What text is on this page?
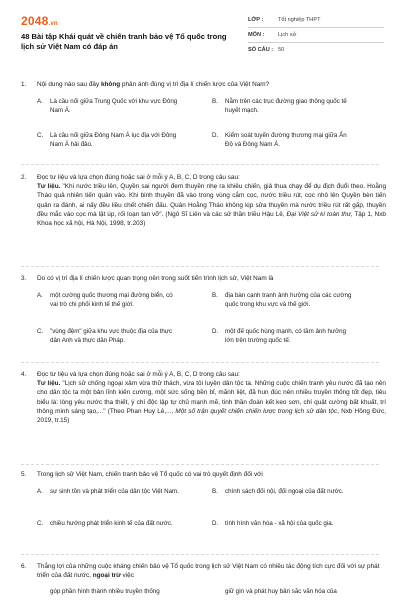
2048.vn
48 Bài tập Khái quát về chiến tranh bảo vệ Tổ quốc trong lịch sử Việt Nam có đáp án
LỚP :	Tốt nghiệp THPT
MÔN :	Lịch sử
SỐ CÂU : 50
1.	Nội dung nào sau đây không phản ánh đúng vị trí địa lí chiến lược của Việt Nam?
A.	Là cầu nối giữa Trung Quốc với khu vực Đông Nam Á.
B.	Nằm trên các trục đường giao thông quốc tế huyết mạch.
C.	Là cầu nối giữa Đông Nam Á lục địa với Đông Nam Á hải đảo.
D.	Kiểm soát tuyến đường thương mại giữa Ấn Độ và Đông Nam Á.
2.	Đọc tư liệu và lựa chọn đúng hoặc sai ở mỗi ý A, B, C, D trong câu sau:
Tư liệu. "Khi nước triều lên, Quyền sai người đem thuyền nhẹ ra khiêu chiến, giả thua chạy để dụ địch đuổi theo. Hoằng Tháo quả nhiên tiến quân vào. Khi binh thuyền đã vào trong vùng cắm cọc, nước triều rút, cọc nhô lên Quyền bèn tiến quân ra đánh, ai nấy đều liều chết chiến đấu. Quân Hoằng Tháo không kịp sửa thuyền mà nước triều rút rất gấp, thuyền đều mắc vào cọc mà lật úp, rối loạn tan vỡ". (Ngô Sĩ Liên và các sử thần triều Hậu Lê, Đại Việt sử kí toàn thư, Tập 1, Nxb Khoa học xã hội, Hà Nội, 1998, tr.203)
3.	Do có vị trí địa lí chiến lược quan trọng nên trong suốt tiến trình lịch sử, Việt Nam là
A.	một cường quốc thương mại đường biển, có vai trò chi phối kinh tế thế giới.
B.	địa bàn cạnh tranh ảnh hưởng của các cường quốc trong khu vực và thế giới.
C.	"vùng đệm" giữa khu vực thuộc địa của thực dân Anh và thực dân Pháp.
D.	một đế quốc hùng mạnh, có tầm ảnh hưởng lớn trên trường quốc tế.
4.	Đọc tư liệu và lựa chọn đúng hoặc sai ở mỗi ý A, B, C, D trong câu sau:
Tư liệu. "Lịch sử chống ngoại xâm vừa thử thách, vừa tôi luyện dân tộc ta. Những cuộc chiến tranh yêu nước đã tạo nên cho dân tộc ta một bản lĩnh kiên cường, một sức sống bền bỉ, mãnh liệt, đã hun đúc nên nhiều truyền thống tốt đẹp, tiêu biểu là: lòng yêu nước tha thiết, ý chí độc lập tự chủ mạnh mẽ, tinh thần đoàn kết keo sơn, chí quật cường bất khuất, trí thông minh sáng tạo,..." (Theo Phan Huy Lê,..., Một số trận quyết chiến chiến lược trong lịch sử dân tộc, Nxb Hồng Đức, 2019, tr.15)
5.	Trong lịch sử Việt Nam, chiến tranh bảo vệ Tổ quốc có vai trò quyết định đối với
A.	sự sinh tồn và phát triển của dân tộc Việt Nam.	B.	chính sách đối nội, đối ngoại của đất nước.
C.	chiều hướng phát triển kinh tế của đất nước.	D.	tình hình văn hóa - xã hội của quốc gia.
6.	Thắng lợi của những cuộc kháng chiến bảo vệ Tổ quốc trong lịch sử Việt Nam có nhiều tác động tích cực đối với sự phát triển của đất nước, ngoại trừ việc
góp phần hình thành nhiều truyền thống	giữ gìn và phát huy bản sắc văn hóa của
